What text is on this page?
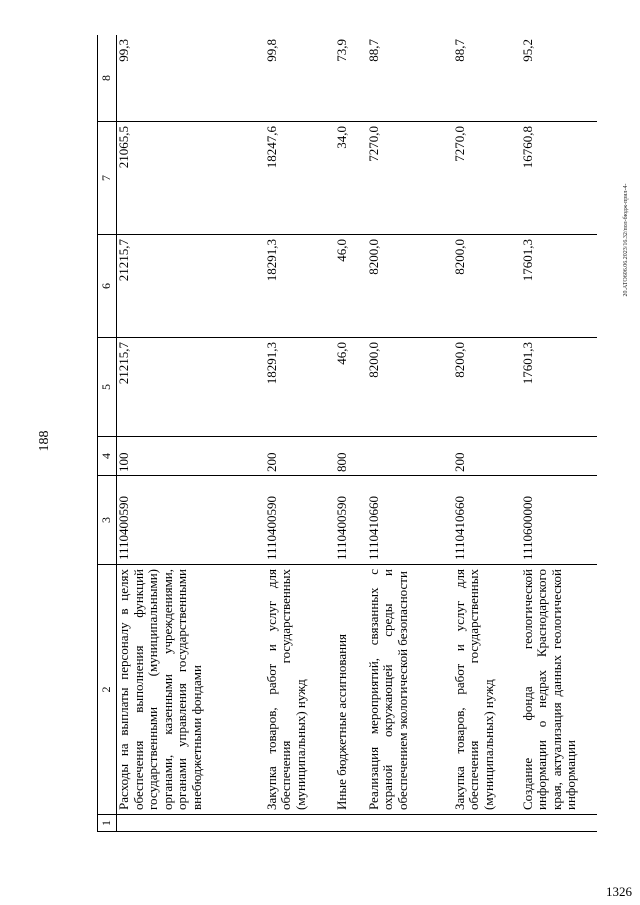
188
20.АТО606.06.2023/16.32/пол-бюдж-прил-4-
1	2	3	4	5	6	7	8
	Расходы на выплаты персоналу в целях обеспечения выполнения функций государственными (муниципальными) органами, казенными учреждениями, органами управления государственными внебюджетными фондами	1110400590	100	21215,7	21215,7	21065,5	99,3
	Закупка товаров, работ и услуг для обеспечения государственных (муниципальных) нужд	1110400590	200	18291,3	18291,3	18247,6	99,8
	Иные бюджетные ассигнования	1110400590	800	46,0	46,0	34,0	73,9
	Реализация мероприятий, связанных с охраной окружающей среды и обеспечением экологической безопасности	1110410660		8200,0	8200,0	7270,0	88,7
	Закупка товаров, работ и услуг для обеспечения государственных (муниципальных) нужд	1110410660	200	8200,0	8200,0	7270,0	88,7
	Создание фонда геологической информации о недрах Краснодарского края, актуализация данных геологической информации	1110600000		17601,3	17601,3	16760,8	95,2
1326
